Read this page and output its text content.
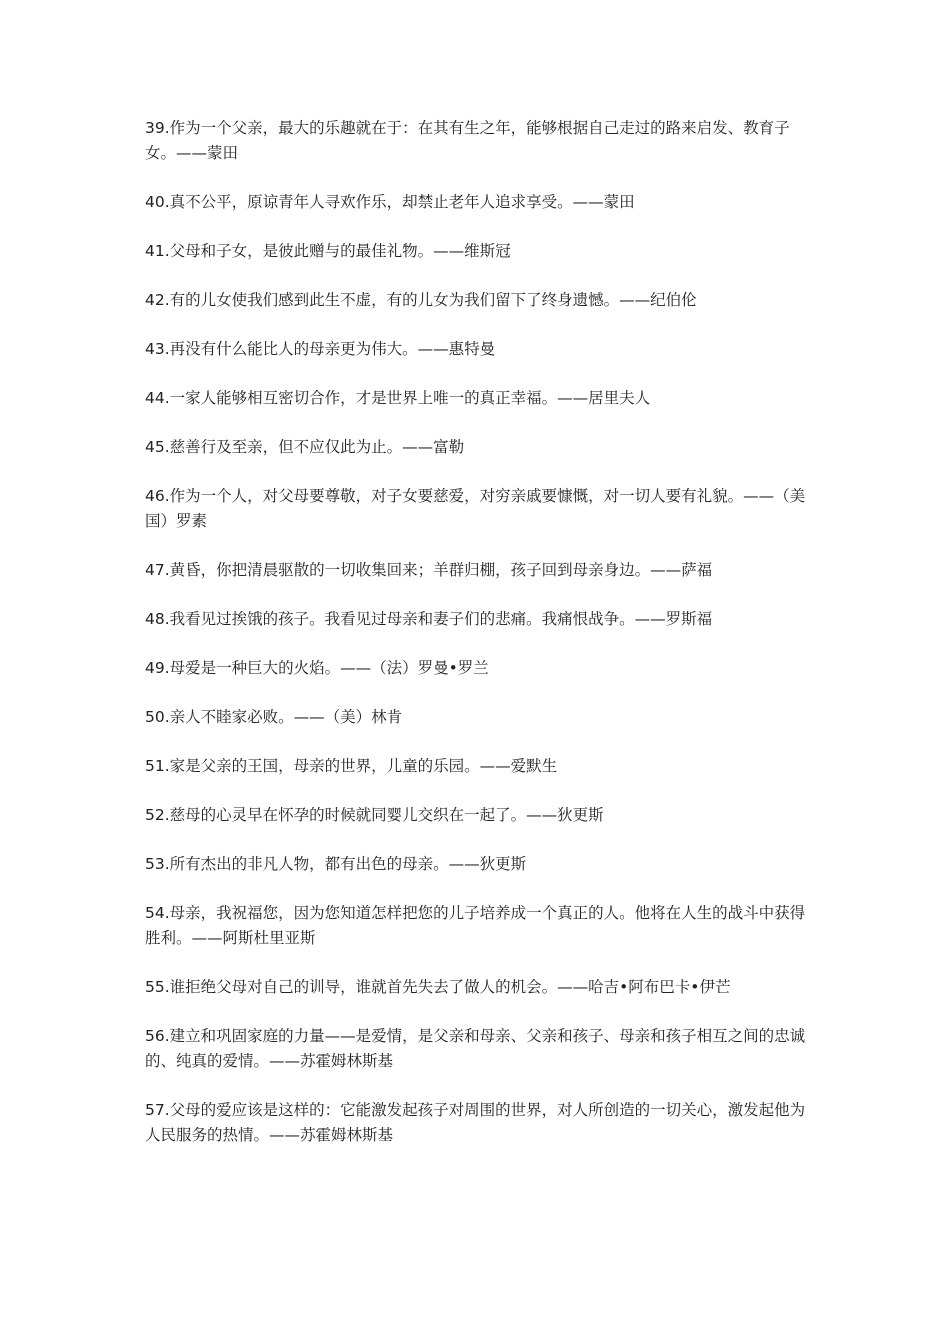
39.作为一个父亲，最大的乐趣就在于：在其有生之年，能够根据自己走过的路来启发、教育子女。——蒙田

40.真不公平，原谅青年人寻欢作乐，却禁止老年人追求享受。——蒙田

41.父母和子女，是彼此赠与的最佳礼物。——维斯冠

42.有的儿女使我们感到此生不虚，有的儿女为我们留下了终身遗憾。——纪伯伦

43.再没有什么能比人的母亲更为伟大。——惠特曼

44.一家人能够相互密切合作，才是世界上唯一的真正幸福。——居里夫人

45.慈善行及至亲，但不应仅此为止。——富勒

46.作为一个人，对父母要尊敬，对子女要慈爱，对穷亲戚要慷慨，对一切人要有礼貌。——（美国）罗素

47.黄昏，你把清晨驱散的一切收集回来；羊群归棚，孩子回到母亲身边。——萨福

48.我看见过挨饿的孩子。我看见过母亲和妻子们的悲痛。我痛恨战争。——罗斯福

49.母爱是一种巨大的火焰。——（法）罗曼•罗兰

50.亲人不睦家必败。——（美）林肯

51.家是父亲的王国，母亲的世界，儿童的乐园。——爱默生

52.慈母的心灵早在怀孕的时候就同婴儿交织在一起了。——狄更斯

53.所有杰出的非凡人物，都有出色的母亲。——狄更斯

54.母亲，我祝福您，因为您知道怎样把您的儿子培养成一个真正的人。他将在人生的战斗中获得胜利。——阿斯杜里亚斯

55.谁拒绝父母对自己的训导，谁就首先失去了做人的机会。——哈吉•阿布巴卡•伊芒

56.建立和巩固家庭的力量——是爱情，是父亲和母亲、父亲和孩子、母亲和孩子相互之间的忠诚的、纯真的爱情。——苏霍姆林斯基

57.父母的爱应该是这样的：它能激发起孩子对周围的世界，对人所创造的一切关心，激发起他为人民服务的热情。——苏霍姆林斯基
